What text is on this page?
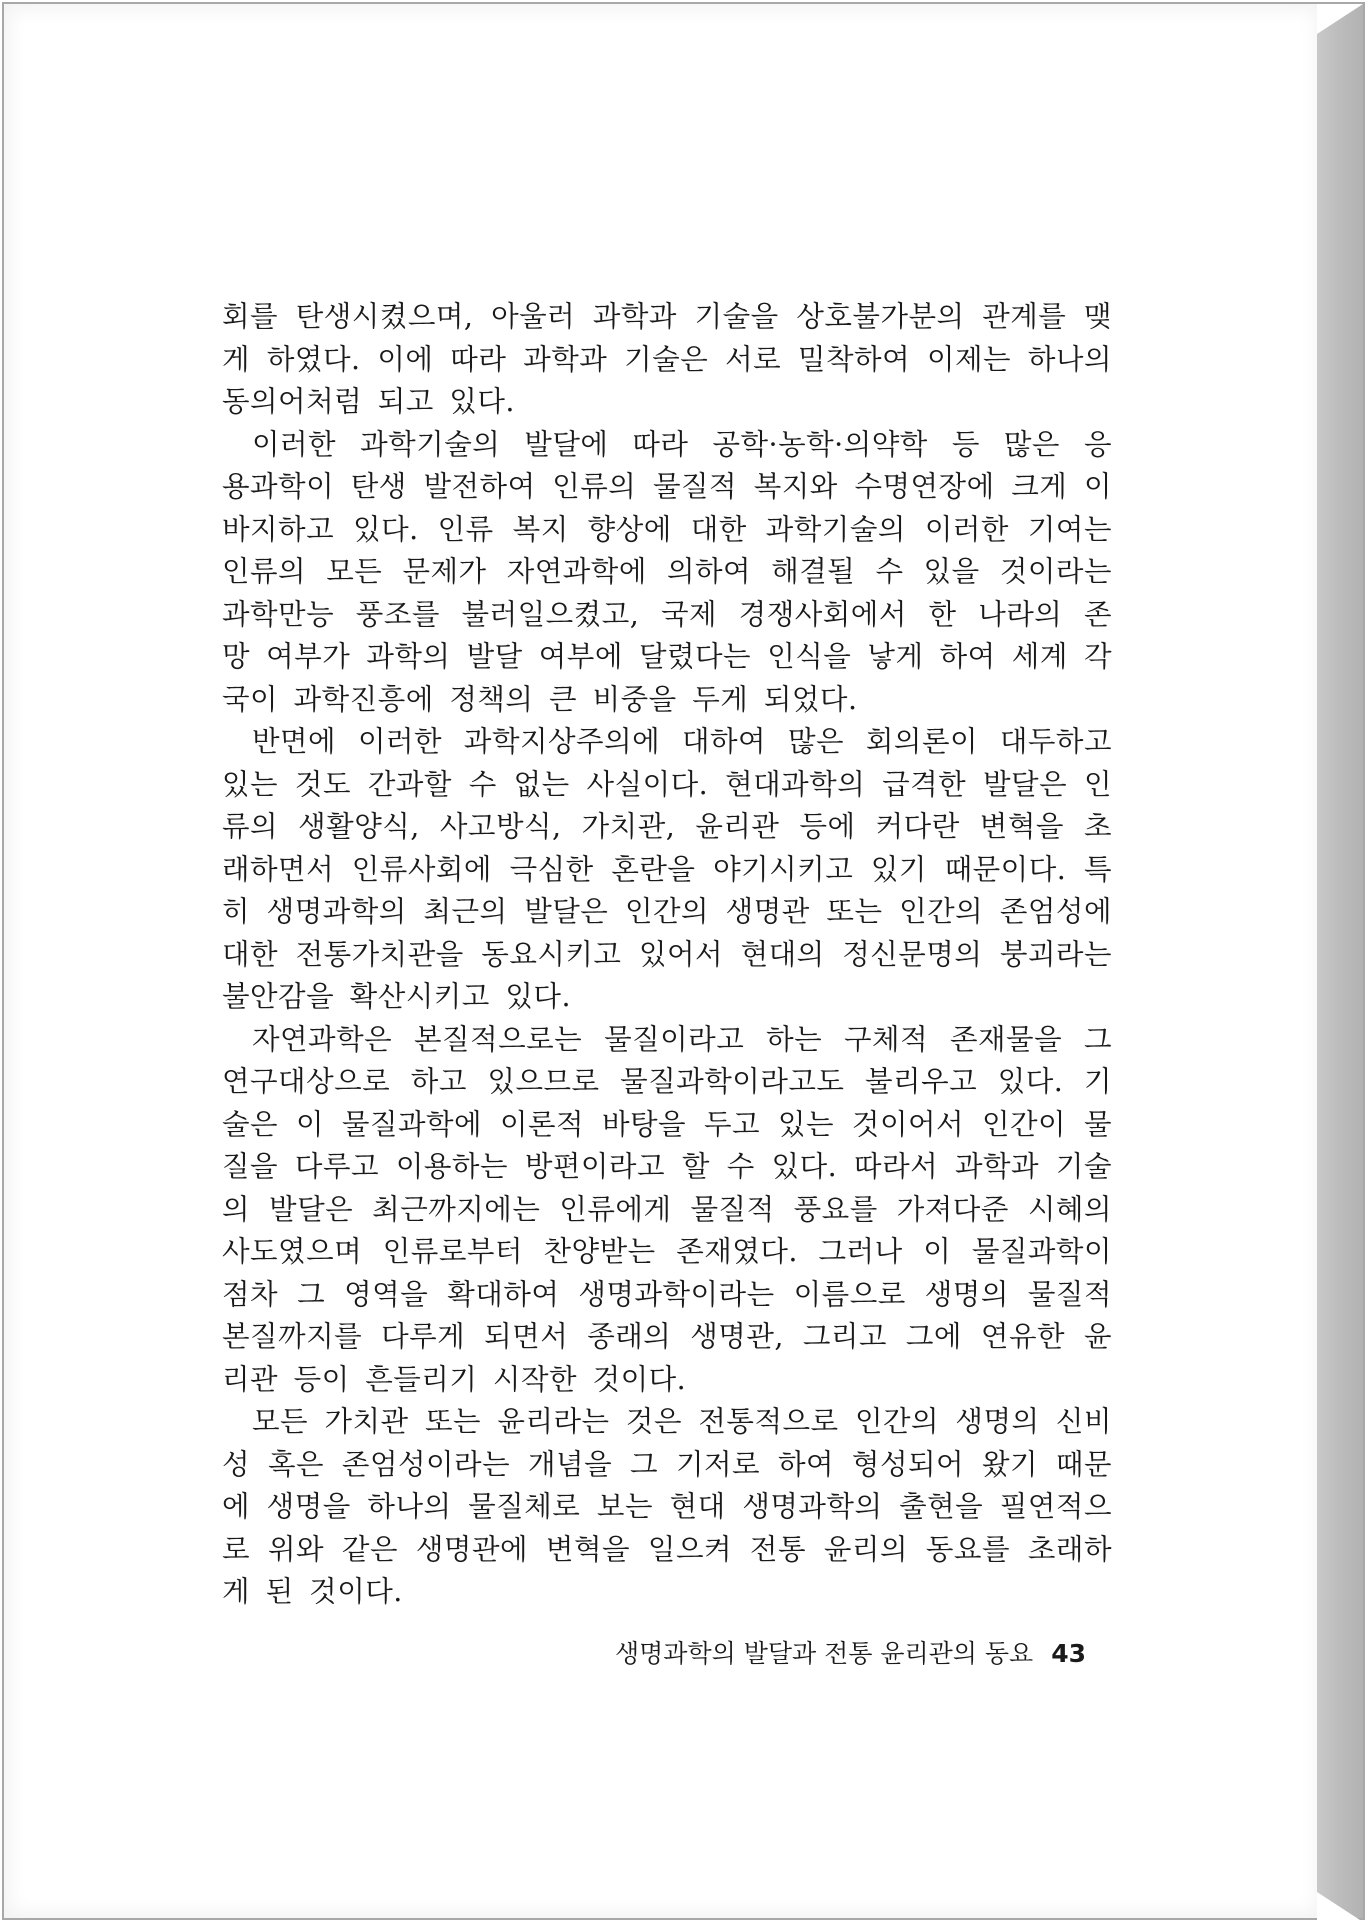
회를 탄생시켰으며, 아울러 과학과 기술을 상호불가분의 관계를 맺
게 하였다. 이에 따라 과학과 기술은 서로 밀착하여 이제는 하나의
동의어처럼 되고 있다.
이러한 과학기술의 발달에 따라 공학·농학·의약학 등 많은 응
용과학이 탄생 발전하여 인류의 물질적 복지와 수명연장에 크게 이
바지하고 있다. 인류 복지 향상에 대한 과학기술의 이러한 기여는
인류의 모든 문제가 자연과학에 의하여 해결될 수 있을 것이라는
과학만능 풍조를 불러일으켰고, 국제 경쟁사회에서 한 나라의 존
망 여부가 과학의 발달 여부에 달렸다는 인식을 낳게 하여 세계 각
국이 과학진흥에 정책의 큰 비중을 두게 되었다.
반면에 이러한 과학지상주의에 대하여 많은 회의론이 대두하고
있는 것도 간과할 수 없는 사실이다. 현대과학의 급격한 발달은 인
류의 생활양식, 사고방식, 가치관, 윤리관 등에 커다란 변혁을 초
래하면서 인류사회에 극심한 혼란을 야기시키고 있기 때문이다. 특
히 생명과학의 최근의 발달은 인간의 생명관 또는 인간의 존엄성에
대한 전통가치관을 동요시키고 있어서 현대의 정신문명의 붕괴라는
불안감을 확산시키고 있다.
자연과학은 본질적으로는 물질이라고 하는 구체적 존재물을 그
연구대상으로 하고 있으므로 물질과학이라고도 불리우고 있다. 기
술은 이 물질과학에 이론적 바탕을 두고 있는 것이어서 인간이 물
질을 다루고 이용하는 방편이라고 할 수 있다. 따라서 과학과 기술
의 발달은 최근까지에는 인류에게 물질적 풍요를 가져다준 시혜의
사도였으며 인류로부터 찬양받는 존재였다. 그러나 이 물질과학이
점차 그 영역을 확대하여 생명과학이라는 이름으로 생명의 물질적
본질까지를 다루게 되면서 종래의 생명관, 그리고 그에 연유한 윤
리관 등이 흔들리기 시작한 것이다.
모든 가치관 또는 윤리라는 것은 전통적으로 인간의 생명의 신비
성 혹은 존엄성이라는 개념을 그 기저로 하여 형성되어 왔기 때문
에 생명을 하나의 물질체로 보는 현대 생명과학의 출현을 필연적으
로 위와 같은 생명관에 변혁을 일으켜 전통 윤리의 동요를 초래하
게 된 것이다.
생명과학의 발달과 전통 윤리관의 동요 43
